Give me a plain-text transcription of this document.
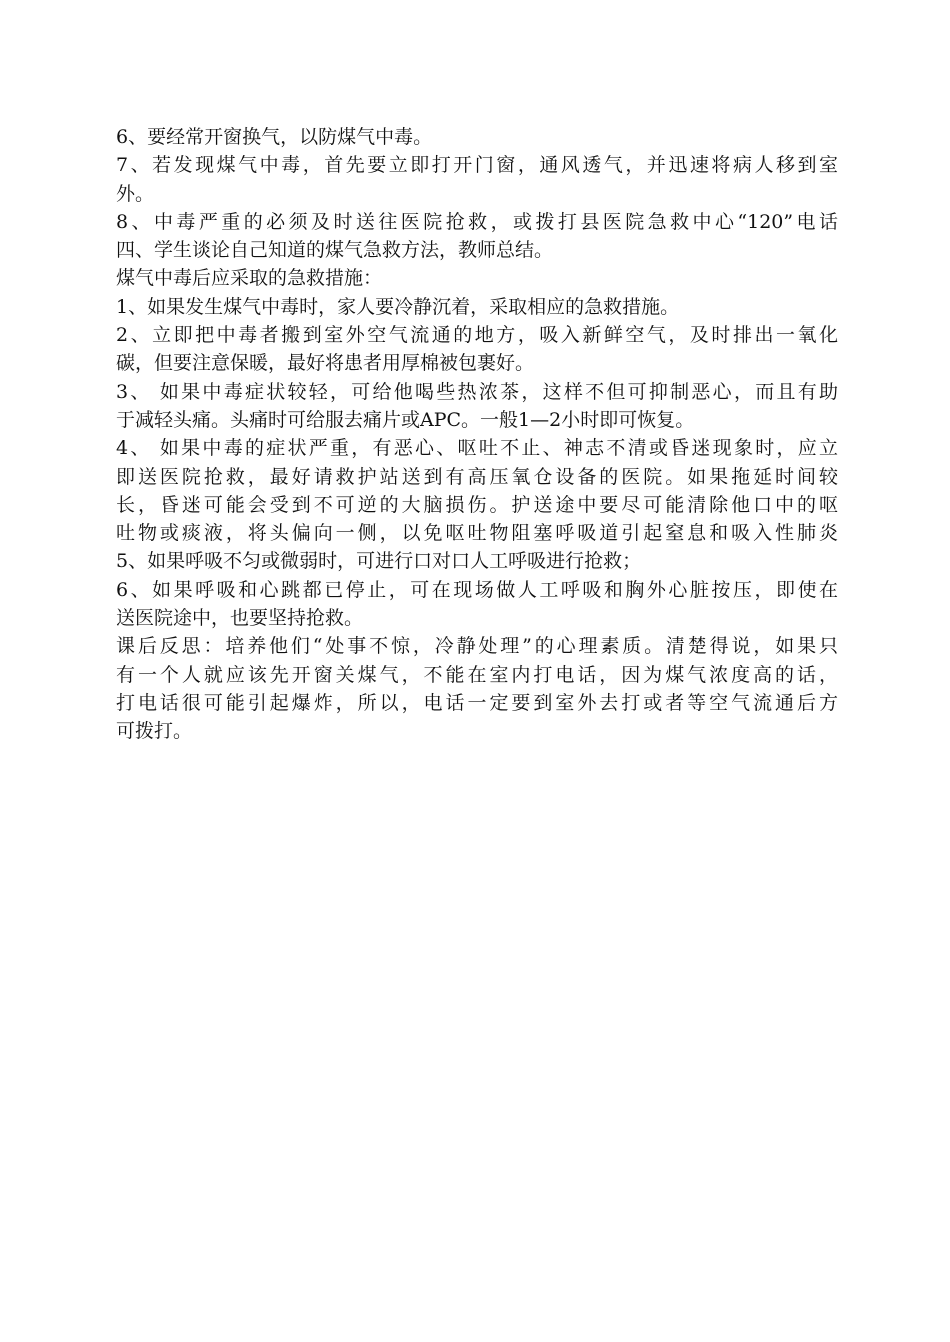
6、要经常开窗换气，以防煤气中毒。
7、若发现煤气中毒，首先要立即打开门窗，通风透气，并迅速将病人移到室
外。
8、中毒严重的必须及时送往医院抢救，或拨打县医院急救中心“120”电话
四、学生谈论自己知道的煤气急救方法，教师总结。
煤气中毒后应采取的急救措施：
1、如果发生煤气中毒时，家人要冷静沉着，采取相应的急救措施。
2、立即把中毒者搬到室外空气流通的地方，吸入新鲜空气，及时排出一氧化
碳，但要注意保暖，最好将患者用厚棉被包裹好。
3、 如果中毒症状较轻，可给他喝些热浓茶，这样不但可抑制恶心，而且有助
于减轻头痛。头痛时可给服去痛片或APC。一般1—2小时即可恢复。
4、 如果中毒的症状严重，有恶心、呕吐不止、神志不清或昏迷现象时，应立
即送医院抢救，最好请救护站送到有高压氧仓设备的医院。如果拖延时间较
长，昏迷可能会受到不可逆的大脑损伤。护送途中要尽可能清除他口中的呕
吐物或痰液，将头偏向一侧，以免呕吐物阻塞呼吸道引起窒息和吸入性肺炎
5、如果呼吸不匀或微弱时，可进行口对口人工呼吸进行抢救；
6、如果呼吸和心跳都已停止，可在现场做人工呼吸和胸外心脏按压，即使在
送医院途中，也要坚持抢救。
课后反思：培养他们“处事不惊，冷静处理”的心理素质。清楚得说，如果只
有一个人就应该先开窗关煤气，不能在室内打电话，因为煤气浓度高的话，
打电话很可能引起爆炸，所以，电话一定要到室外去打或者等空气流通后方
可拨打。
